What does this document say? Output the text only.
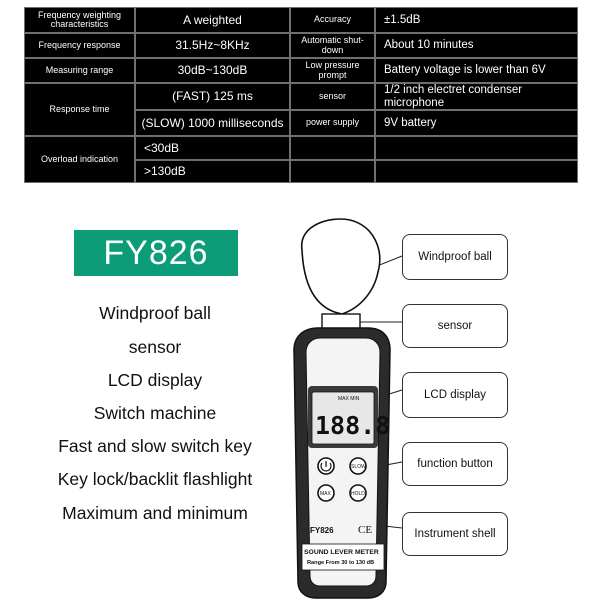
Frequency weighting characteristics
Frequency response
Measuring range
Response time
Overload indication
A weighted
31.5Hz~8KHz
30dB~130dB
(FAST) 125 ms
(SLOW) 1000 milliseconds
<30dB
>130dB
Accuracy
Automatic shut-down
Low pressure prompt
sensor
power supply
±1.5dB
About 10 minutes
Battery voltage is lower than 6V
1/2 inch electret condenser microphone
9V battery
FY826
Windproof ball
sensor
LCD display
Switch machine
Fast and slow switch key
Key lock/backlit flashlight
Maximum and minimum
MAX MIN
188.8
SLOW
MAX	HOLD
FY826 CE
SOUND LEVER METER
Range From 30 to 130 dB
Windproof ball
sensor
LCD display
function button
Instrument shell
